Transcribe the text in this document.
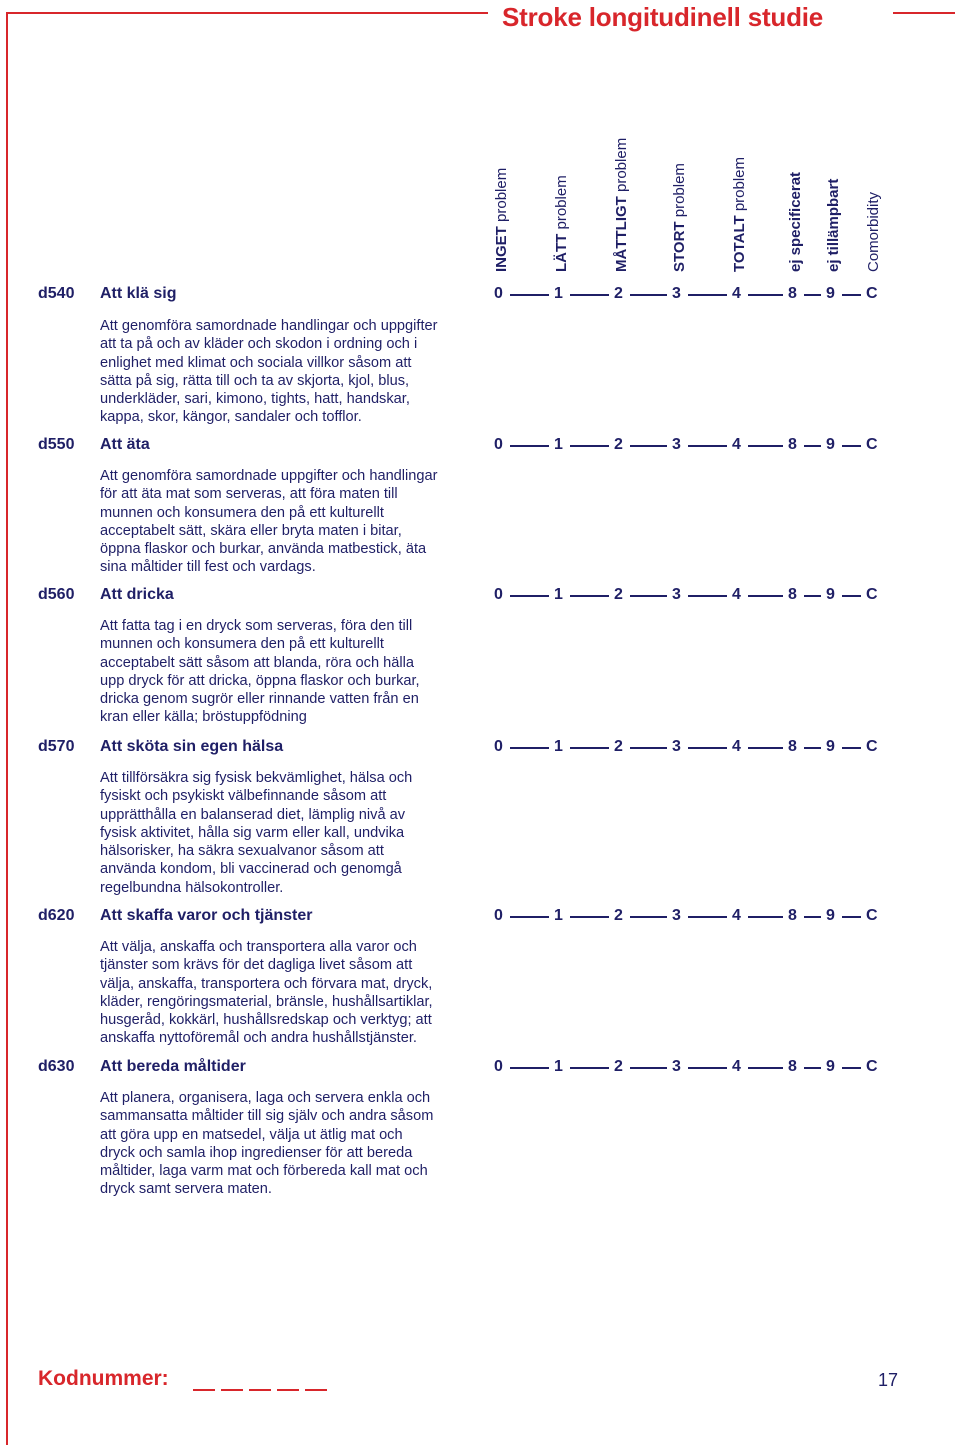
Stroke longitudinell studie
INGET problem
LÄTT problem	MÅTTLIGT problem
STORT problem
TOTALT problem	ej specificerat ej tillämpbart Comorbidity
d540 Att klä sig	0	1	2	3	4	8 9 C
Att genomföra samordnade handlingar och uppgifter
att ta på och av kläder och skodon i ordning och i
enlighet med klimat och sociala villkor såsom att
sätta på sig, rätta till och ta av skjorta, kjol, blus,
underkläder, sari, kimono, tights, hatt, handskar,
kappa, skor, kängor, sandaler och tofflor.
d550 Att äta	0	1	2	3	4	8 9 C
Att genomföra samordnade uppgifter och handlingar
för att äta mat som serveras, att föra maten till
munnen och konsumera den på ett kulturellt
acceptabelt sätt, skära eller bryta maten i bitar,
öppna flaskor och burkar, använda matbestick, äta
sina måltider till fest och vardags.
d560 Att dricka	0	1	2	3	4	8 9 C
Att fatta tag i en dryck som serveras, föra den till
munnen och konsumera den på ett kulturellt
acceptabelt sätt såsom att blanda, röra och hälla
upp dryck för att dricka, öppna flaskor och burkar,
dricka genom sugrör eller rinnande vatten från en
kran eller källa; bröstuppfödning
d570 Att sköta sin egen hälsa	0	1	2	3	4	8 9 C
Att tillförsäkra sig fysisk bekvämlighet, hälsa och
fysiskt och psykiskt välbefinnande såsom att
upprätthålla en balanserad diet, lämplig nivå av
fysisk aktivitet, hålla sig varm eller kall, undvika
hälsorisker, ha säkra sexualvanor såsom att
använda kondom, bli vaccinerad och genomgå
regelbundna hälsokontroller.
d620 Att skaffa varor och tjänster	0	1	2	3	4	8 9 C
Att välja, anskaffa och transportera alla varor och
tjänster som krävs för det dagliga livet såsom att
välja, anskaffa, transportera och förvara mat, dryck,
kläder, rengöringsmaterial, bränsle, hushållsartiklar,
husgeråd, kokkärl, hushållsredskap och verktyg; att
anskaffa nyttoföremål och andra hushållstjänster.
d630 Att bereda måltider	0	1	2	3	4	8 9 C
Att planera, organisera, laga och servera enkla och
sammansatta måltider till sig själv och andra såsom
att göra upp en matsedel, välja ut ätlig mat och
dryck och samla ihop ingredienser för att bereda
måltider, laga varm mat och förbereda kall mat och
dryck samt servera maten.
Kodnummer:	17
